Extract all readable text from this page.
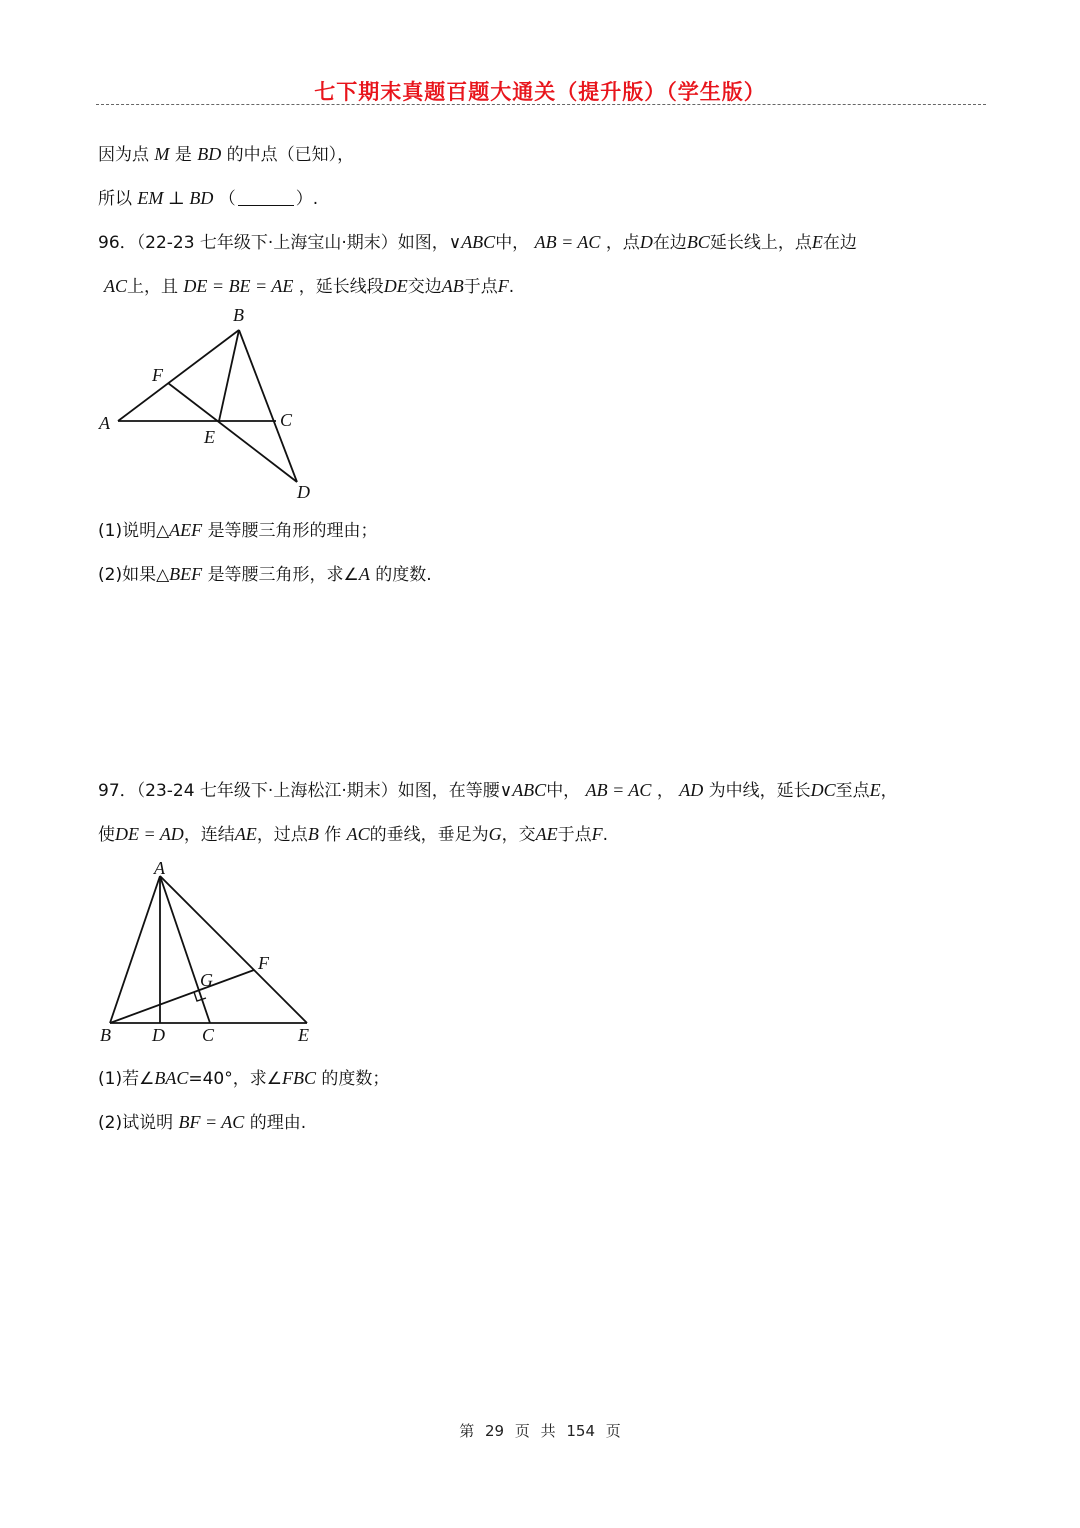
七下期末真题百题大通关（提升版）（学生版）
因为点 M 是 BD 的中点（已知），
所以 EM ⊥ BD （	）.
96．（22-23 七年级下·上海宝山·期末）如图，∨ABC中， AB = AC ，点D在边BC延长线上，点E在边
AC上，且 DE = BE = AE ，延长线段DE交边AB于点F.
B
F
A	C
E
D
(1)说明△AEF 是等腰三角形的理由；
(2)如果△BEF 是等腰三角形，求∠A 的度数.
97．（23-24 七年级下·上海松江·期末）如图，在等腰∨ABC中， AB = AC ， AD 为中线，延长DC至点E，
使DE = AD，连结AE，过点B 作 AC的垂线，垂足为G，交AE于点F.
A
G
F
B D C	E
(1)若∠BAC=40°，求∠FBC 的度数；
(2)试说明 BF = AC 的理由.
第 29 页 共 154 页
